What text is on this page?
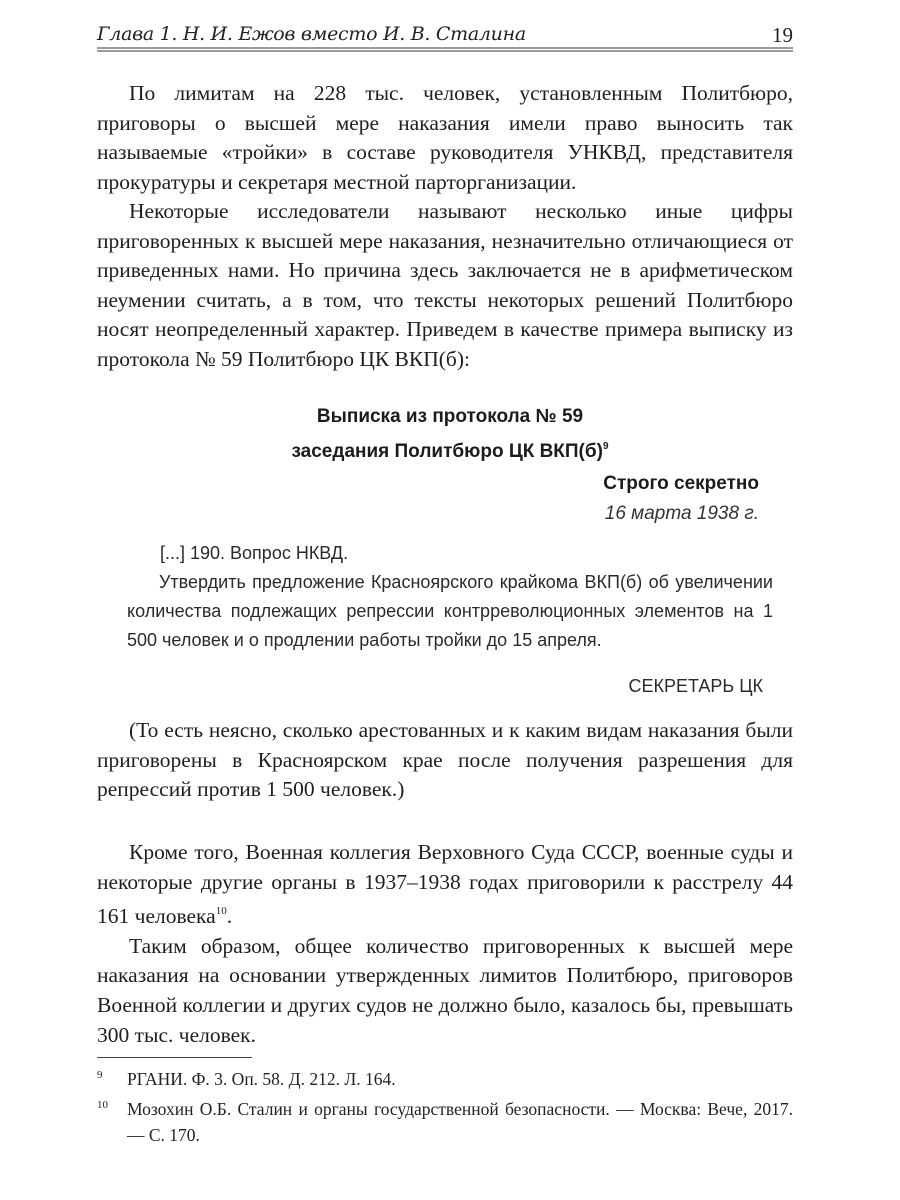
Глава 1. Н. И. Ежов вместо И. В. Сталина	19

По лимитам на 228 тыс. человек, установленным Политбюро, приговоры о высшей мере наказания имели право выносить так называемые «тройки» в составе руководителя УНКВД, представителя прокуратуры и секретаря местной парторганизации.

Некоторые исследователи называют несколько иные цифры приговоренных к высшей мере наказания, незначительно отличающиеся от приведенных нами. Но причина здесь заключается не в арифметическом неумении считать, а в том, что тексты некоторых решений Политбюро носят неопределенный характер. Приведем в качестве примера выписку из протокола № 59 Политбюро ЦК ВКП(б):

Выписка из протокола № 59
заседания Политбюро ЦК $ВКП(б)^9$
Строго секретно
16 марта 1938 г.
[...] 190. Вопрос НКВД.

Утвердить предложение Красноярского крайкома ВКП(б) об увеличении количества подлежащих репрессии контрреволюционных элементов на 1 500 человек и о продлении работы тройки до 15 апреля.

СЕКРЕТАРЬ ЦК

(То есть неясно, сколько арестованных и к каким видам наказания были приговорены в Красноярском крае после получения разрешения для репрессий против 1 500 человек.)

Кроме того, Военная коллегия Верховного Суда СССР, военные суды и некоторые другие органы в 1937–1938 годах приговорили к расстрелу 44 161 человека$^{10}$.

Таким образом, общее количество приговоренных к высшей мере наказания на основании утвержденных лимитов Политбюро, приговоров Военной коллегии и других судов не должно было, казалось бы, превышать 300 тыс. человек.

9 РГАНИ. Ф. 3. Оп. 58. Д. 212. Л. 164.
10 Мозохин О.Б. Сталин и органы государственной безопасности. — Москва: Вече, 2017. — С. 170.
